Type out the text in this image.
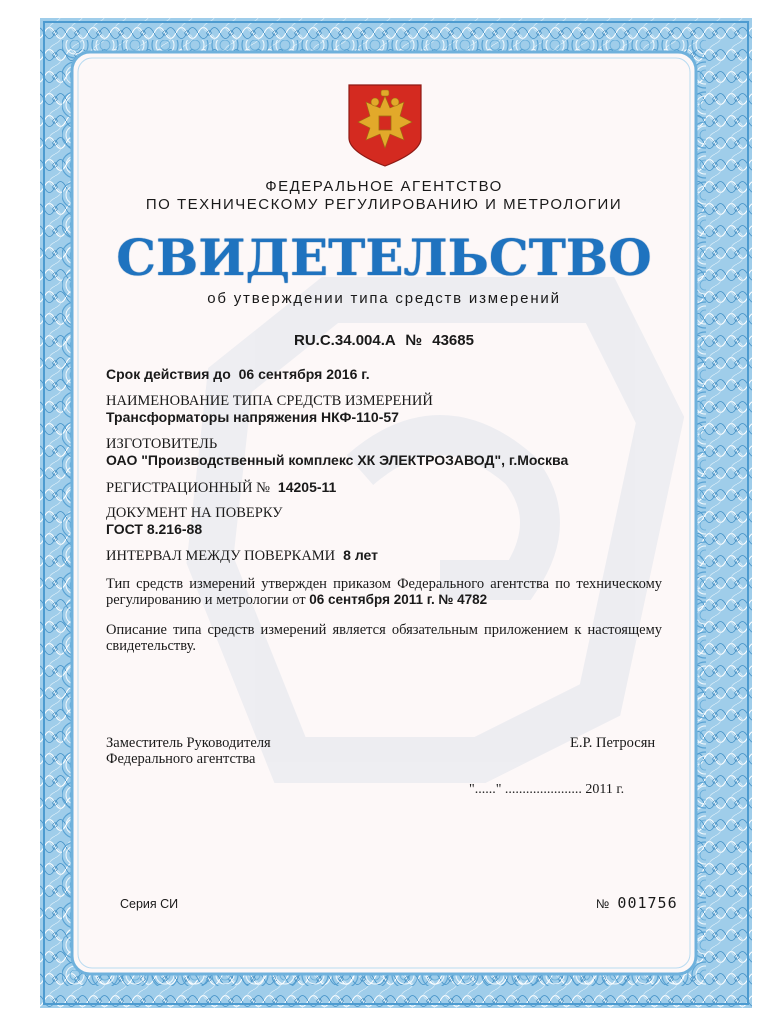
ФЕДЕРАЛЬНОЕ АГЕНТСТВО
ПО ТЕХНИЧЕСКОМУ РЕГУЛИРОВАНИЮ И МЕТРОЛОГИИ
СВИДЕТЕЛЬСТВО
об утверждении типа средств измерений
RU.C.34.004.A № 43685
Срок действия до 06 сентября 2016 г.
НАИМЕНОВАНИЕ ТИПА СРЕДСТВ ИЗМЕРЕНИЙ
Трансформаторы напряжения НКФ-110-57
ИЗГОТОВИТЕЛЬ
ОАО "Производственный комплекс ХК ЭЛЕКТРОЗАВОД", г.Москва
РЕГИСТРАЦИОННЫЙ № 14205-11
ДОКУМЕНТ НА ПОВЕРКУ
ГОСТ 8.216-88
ИНТЕРВАЛ МЕЖДУ ПОВЕРКАМИ 8 лет
Тип средств измерений утвержден приказом Федерального агентства по техническому регулированию и метрологии от 06 сентября 2011 г. № 4782
Описание типа средств измерений является обязательным приложением к настоящему свидетельству.
Заместитель Руководителя
Федерального агентства
Е.Р. Петросян
"......" ...................... 2011 г.
Серия СИ	№ 001756
